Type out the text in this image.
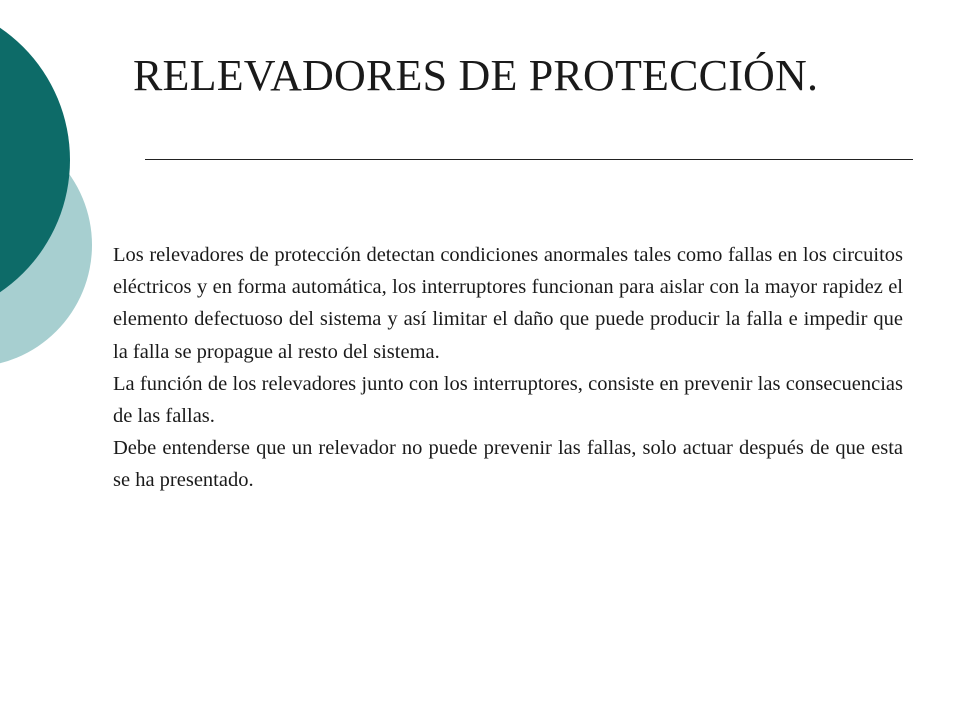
RELEVADORES DE PROTECCIÓN.

Los relevadores de protección detectan condiciones anormales tales como fallas en los circuitos eléctricos y en forma automática, los interruptores funcionan para aislar con la mayor rapidez el elemento defectuoso del sistema y así limitar el daño que puede producir la falla e impedir que la falla se propague al resto del sistema.

La función de los relevadores junto con los interruptores, consiste en prevenir las consecuencias de las fallas.

Debe entenderse que un relevador no puede prevenir las fallas, solo actuar después de que esta se ha presentado.
